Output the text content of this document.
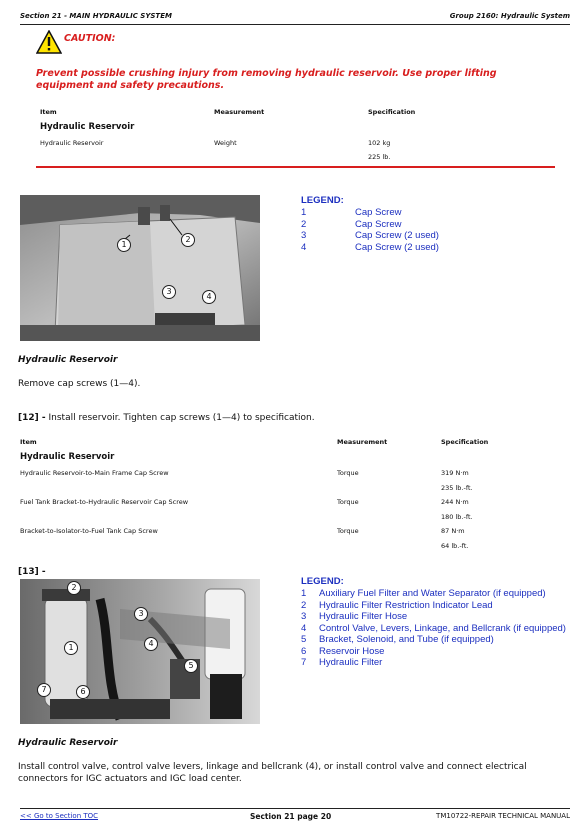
Section 21 - MAIN HYDRAULIC SYSTEM	Group 2160: Hydraulic System
CAUTION:
Prevent possible crushing injury from removing hydraulic reservoir. Use proper lifting equipment and safety precautions.
Item	Measurement	Specification
Hydraulic Reservoir
Hydraulic Reservoir	Weight	102 kg
225 lb.
1
2
3
4
LEGEND:
1	Cap Screw
2	Cap Screw
3	Cap Screw (2 used)
4	Cap Screw (2 used)
Hydraulic Reservoir
Remove cap screws (1—4).
[12] - Install reservoir. Tighten cap screws (1—4) to specification.
Item	Measurement	Specification
Hydraulic Reservoir
Hydraulic Reservoir-to-Main Frame Cap Screw	Torque	319 N·m
235 lb.-ft.
Fuel Tank Bracket-to-Hydraulic Reservoir Cap Screw	Torque	244 N·m
180 lb.-ft.
Bracket-to-Isolator-to-Fuel Tank Cap Screw	Torque	87 N·m
64 lb.-ft.
[13] -
1
2
3
4
5
6
7
LEGEND:
1	Auxiliary Fuel Filter and Water Separator (if equipped)
2	Hydraulic Filter Restriction Indicator Lead
3	Hydraulic Filter Hose
4	Control Valve, Levers, Linkage, and Bellcrank (if equipped)
5	Bracket, Solenoid, and Tube (if equipped)
6	Reservoir Hose
7	Hydraulic Filter
Hydraulic Reservoir
Install control valve, control valve levers, linkage and bellcrank (4), or install control valve and connect electrical connectors for IGC actuators and IGC load center.
<< Go to Section TOC	Section 21 page 20	TM10722-REPAIR TECHNICAL MANUAL
